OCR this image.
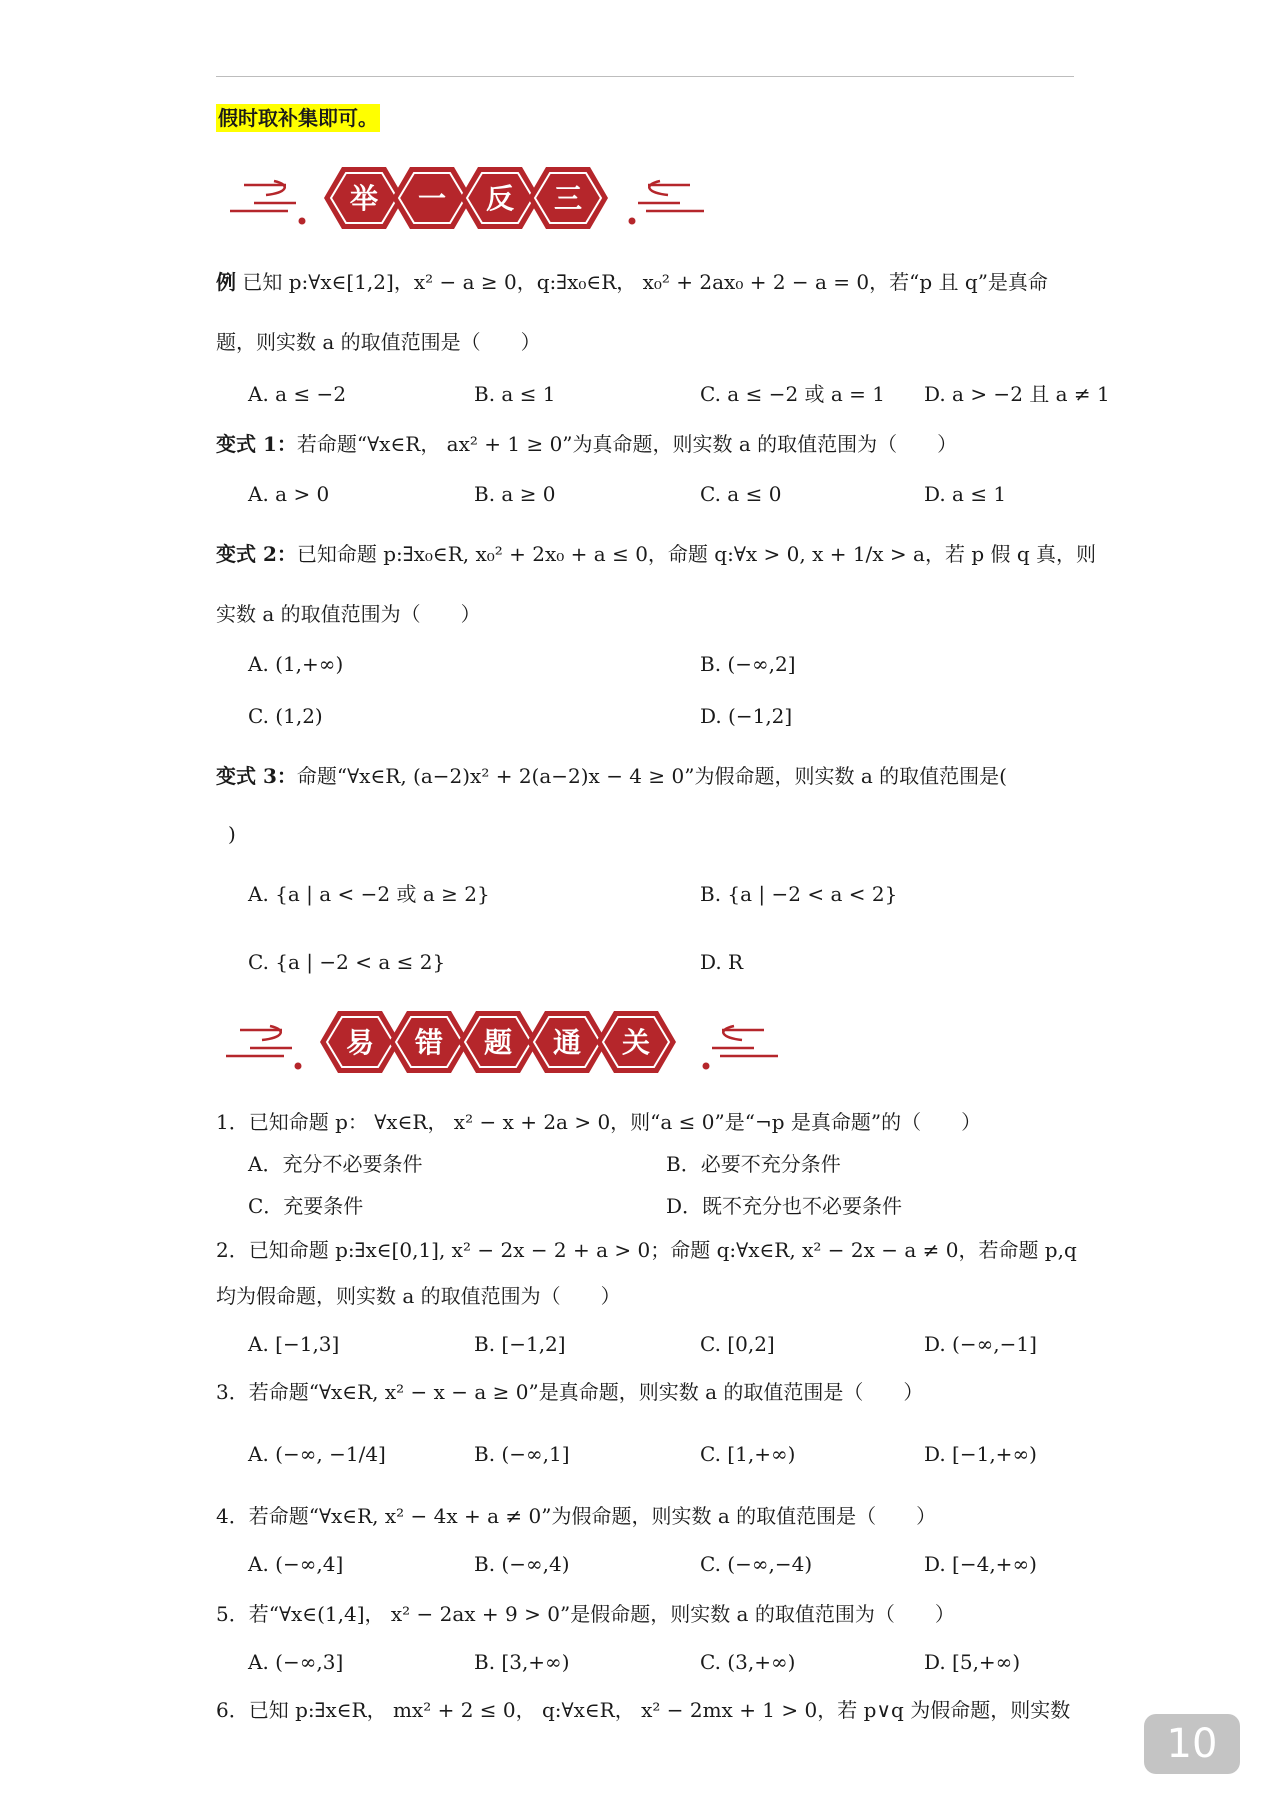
假时取补集即可。
举 一 反 三
例 已知 p:∀x∈[1,2]，x² − a ≥ 0，q:∃x₀∈R， x₀² + 2ax₀ + 2 − a = 0，若“p 且 q”是真命
题，则实数 a 的取值范围是（　　）
A. a ≤ −2	B. a ≤ 1	C. a ≤ −2 或 a = 1 D. a > −2 且 a ≠ 1
变式 1：若命题“∀x∈R， ax² + 1 ≥ 0”为真命题，则实数 a 的取值范围为（　　）
A. a > 0	B. a ≥ 0	C. a ≤ 0	D. a ≤ 1
变式 2：已知命题 p:∃x₀∈R, x₀² + 2x₀ + a ≤ 0，命题 q:∀x > 0, x + 1/x > a，若 p 假 q 真，则
实数 a 的取值范围为（　　）
A. (1,+∞)	B. (−∞,2]
C. (1,2)	D. (−1,2]
变式 3：命题“∀x∈R, (a−2)x² + 2(a−2)x − 4 ≥ 0”为假命题，则实数 a 的取值范围是(
)
A. {a | a < −2 或 a ≥ 2}	B. {a | −2 < a < 2}
C. {a | −2 < a ≤ 2}	D. R
易 错 题 通 关
1．已知命题 p： ∀x∈R， x² − x + 2a > 0，则“a ≤ 0”是“¬p 是真命题”的（　　）
A．充分不必要条件	B．必要不充分条件
C．充要条件	D．既不充分也不必要条件
2．已知命题 p:∃x∈[0,1], x² − 2x − 2 + a > 0；命题 q:∀x∈R, x² − 2x − a ≠ 0，若命题 p,q
均为假命题，则实数 a 的取值范围为（　　）
A. [−1,3]	B. [−1,2]	C. [0,2]	D. (−∞,−1]
3．若命题“∀x∈R, x² − x − a ≥ 0”是真命题，则实数 a 的取值范围是（　　）
A. (−∞, −1/4]	B. (−∞,1]	C. [1,+∞)	D. [−1,+∞)
4．若命题“∀x∈R, x² − 4x + a ≠ 0”为假命题，则实数 a 的取值范围是（　　）
A. (−∞,4]	B. (−∞,4)	C. (−∞,−4)	D. [−4,+∞)
5．若“∀x∈(1,4]， x² − 2ax + 9 > 0”是假命题，则实数 a 的取值范围为（　　）
A. (−∞,3]	B. [3,+∞)	C. (3,+∞)	D. [5,+∞)
6．已知 p:∃x∈R， mx² + 2 ≤ 0， q:∀x∈R， x² − 2mx + 1 > 0，若 p∨q 为假命题，则实数
10
